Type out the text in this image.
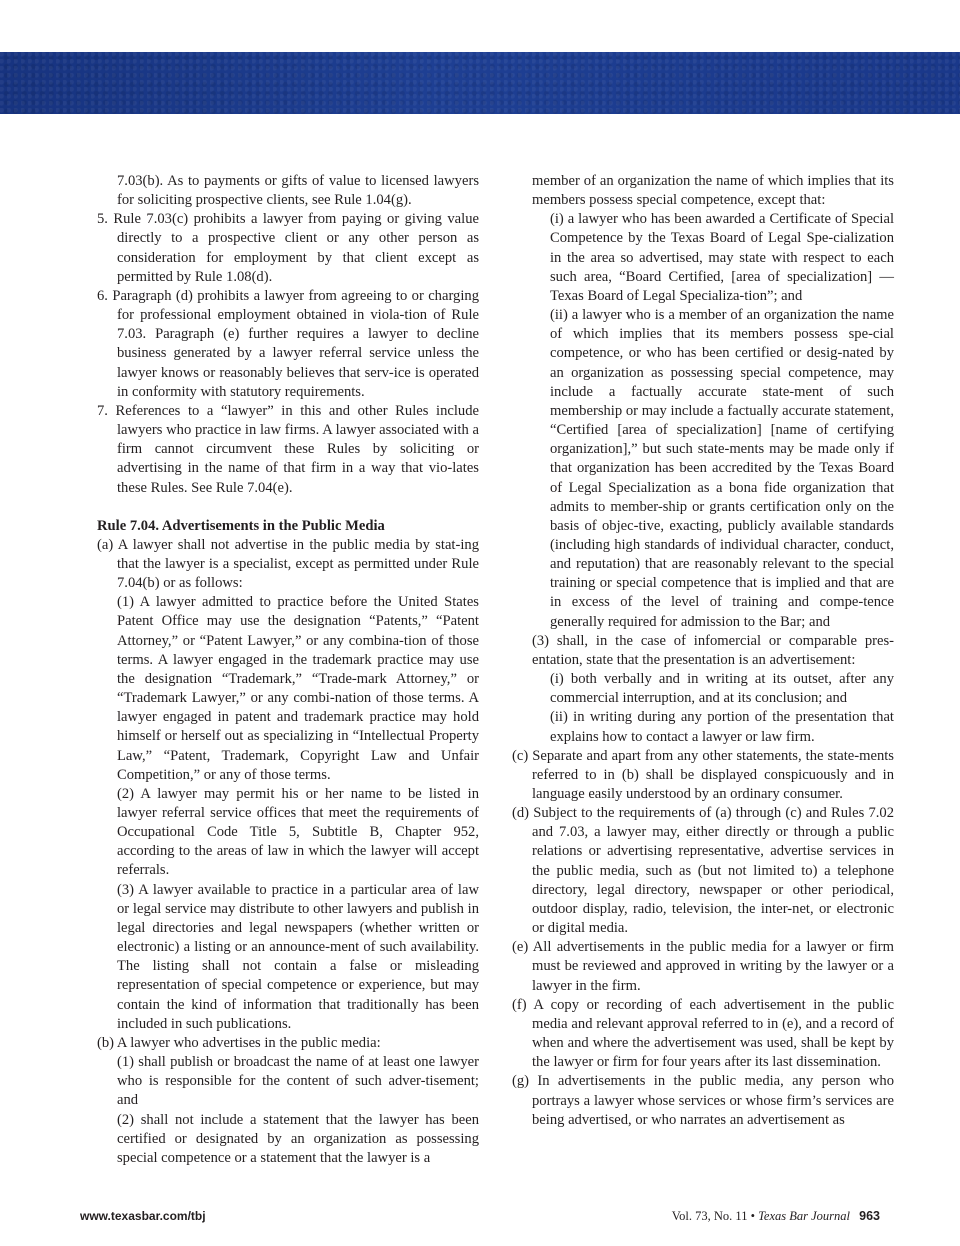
7.03(b). As to payments or gifts of value to licensed lawyers for soliciting prospective clients, see Rule 1.04(g).

5. Rule 7.03(c) prohibits a lawyer from paying or giving value directly to a prospective client or any other person as consideration for employment by that client except as permitted by Rule 1.08(d).

6. Paragraph (d) prohibits a lawyer from agreeing to or charging for professional employment obtained in viola-tion of Rule 7.03. Paragraph (e) further requires a lawyer to decline business generated by a lawyer referral service unless the lawyer knows or reasonably believes that serv-ice is operated in conformity with statutory requirements.

7. References to a “lawyer” in this and other Rules include lawyers who practice in law firms. A lawyer associated with a firm cannot circumvent these Rules by soliciting or advertising in the name of that firm in a way that vio-lates these Rules. See Rule 7.04(e).

Rule 7.04. Advertisements in the Public Media

(a) A lawyer shall not advertise in the public media by stat-ing that the lawyer is a specialist, except as permitted under Rule 7.04(b) or as follows:

(1) A lawyer admitted to practice before the United States Patent Office may use the designation “Patents,” “Patent Attorney,” or “Patent Lawyer,” or any combina-tion of those terms. A lawyer engaged in the trademark practice may use the designation “Trademark,” “Trade-mark Attorney,” or “Trademark Lawyer,” or any combi-nation of those terms. A lawyer engaged in patent and trademark practice may hold himself or herself out as specializing in “Intellectual Property Law,” “Patent, Trademark, Copyright Law and Unfair Competition,” or any of those terms.

(2) A lawyer may permit his or her name to be listed in lawyer referral service offices that meet the requirements of Occupational Code Title 5, Subtitle B, Chapter 952, according to the areas of law in which the lawyer will accept referrals.

(3) A lawyer available to practice in a particular area of law or legal service may distribute to other lawyers and publish in legal directories and legal newspapers (whether written or electronic) a listing or an announce-ment of such availability. The listing shall not contain a false or misleading representation of special competence or experience, but may contain the kind of information that traditionally has been included in such publications.

(b) A lawyer who advertises in the public media:

(1) shall publish or broadcast the name of at least one lawyer who is responsible for the content of such adver-tisement; and

(2) shall not include a statement that the lawyer has been certified or designated by an organization as possessing special competence or a statement that the lawyer is a

member of an organization the name of which implies that its members possess special competence, except that:

(i) a lawyer who has been awarded a Certificate of Special Competence by the Texas Board of Legal Spe-cialization in the area so advertised, may state with respect to each such area, “Board Certified, [area of specialization] — Texas Board of Legal Specializa-tion”; and

(ii) a lawyer who is a member of an organization the name of which implies that its members possess spe-cial competence, or who has been certified or desig-nated by an organization as possessing special competence, may include a factually accurate state-ment of such membership or may include a factually accurate statement, “Certified [area of specialization] [name of certifying organization],” but such state-ments may be made only if that organization has been accredited by the Texas Board of Legal Specialization as a bona fide organization that admits to member-ship or grants certification only on the basis of objec-tive, exacting, publicly available standards (including high standards of individual character, conduct, and reputation) that are reasonably relevant to the special training or special competence that is implied and that are in excess of the level of training and compe-tence generally required for admission to the Bar; and

(3) shall, in the case of infomercial or comparable pres-entation, state that the presentation is an advertisement:

(i) both verbally and in writing at its outset, after any commercial interruption, and at its conclusion; and

(ii) in writing during any portion of the presentation that explains how to contact a lawyer or law firm.

(c) Separate and apart from any other statements, the state-ments referred to in (b) shall be displayed conspicuously and in language easily understood by an ordinary consumer.

(d) Subject to the requirements of (a) through (c) and Rules 7.02 and 7.03, a lawyer may, either directly or through a public relations or advertising representative, advertise services in the public media, such as (but not limited to) a telephone directory, legal directory, newspaper or other periodical, outdoor display, radio, television, the inter-net, or electronic or digital media.

(e) All advertisements in the public media for a lawyer or firm must be reviewed and approved in writing by the lawyer or a lawyer in the firm.

(f) A copy or recording of each advertisement in the public media and relevant approval referred to in (e), and a record of when and where the advertisement was used, shall be kept by the lawyer or firm for four years after its last dissemination.

(g) In advertisements in the public media, any person who portrays a lawyer whose services or whose firm’s services are being advertised, or who narrates an advertisement as

www.texasbar.com/tbj	Vol. 73, No. 11 • Texas Bar Journal 963
